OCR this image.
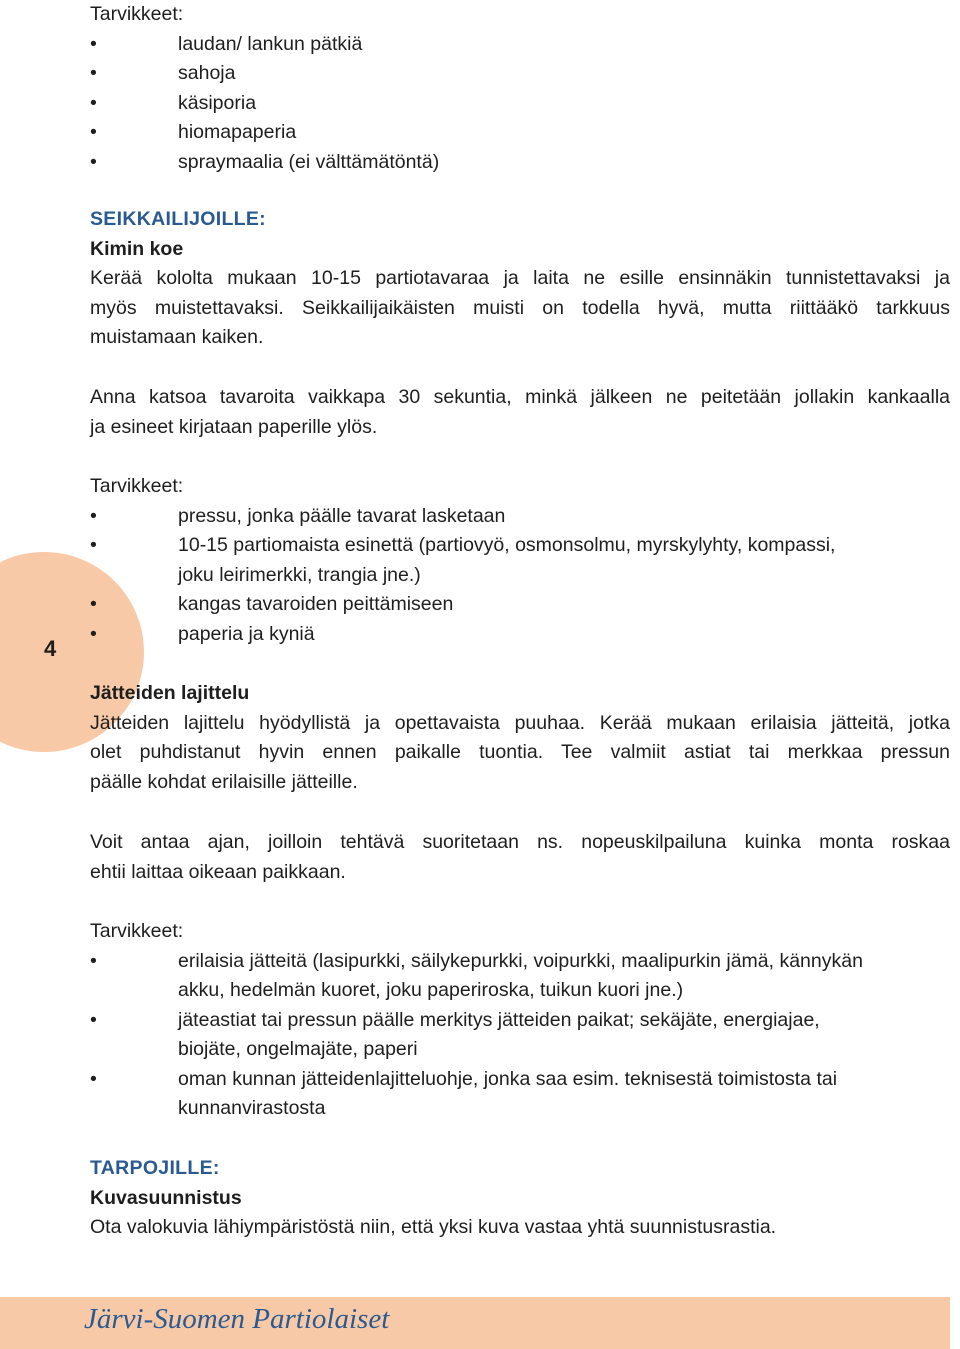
4
Tarvikkeet:
• laudan/ lankun pätkiä
• sahoja
• käsiporia
• hiomapaperia
• spraymaalia (ei välttämätöntä)
SEIKKAILIJOILLE:
Kimin koe
Kerää kololta mukaan 10-15 partiotavaraa ja laita ne esille ensinnäkin tunnistettavaksi ja
myös muistettavaksi. Seikkailijaikäisten muisti on todella hyvä, mutta riittääkö tarkkuus
muistamaan kaiken.
Anna katsoa tavaroita vaikkapa 30 sekuntia, minkä jälkeen ne peitetään jollakin kankaalla
ja esineet kirjataan paperille ylös.
Tarvikkeet:
• pressu, jonka päälle tavarat lasketaan
• 10-15 partiomaista esinettä (partiovyö, osmonsolmu, myrskylyhty, kompassi,
joku leirimerkki, trangia jne.)
• kangas tavaroiden peittämiseen
• paperia ja kyniä
Jätteiden lajittelu
Jätteiden lajittelu hyödyllistä ja opettavaista puuhaa. Kerää mukaan erilaisia jätteitä, jotka
olet puhdistanut hyvin ennen paikalle tuontia. Tee valmiit astiat tai merkkaa pressun
päälle kohdat erilaisille jätteille.
Voit antaa ajan, joilloin tehtävä suoritetaan ns. nopeuskilpailuna kuinka monta roskaa
ehtii laittaa oikeaan paikkaan.
Tarvikkeet:
• erilaisia jätteitä (lasipurkki, säilykepurkki, voipurkki, maalipurkin jämä, kännykän
akku, hedelmän kuoret, joku paperiroska, tuikun kuori jne.)
• jäteastiat tai pressun päälle merkitys jätteiden paikat; sekäjäte, energiajae,
biojäte, ongelmajäte, paperi
• oman kunnan jätteidenlajitteluohje, jonka saa esim. teknisestä toimistosta tai
kunnanvirastosta
TARPOJILLE:
Kuvasuunnistus
Ota valokuvia lähiympäristöstä niin, että yksi kuva vastaa yhtä suunnistusrastia.
Järvi-Suomen Partiolaiset
